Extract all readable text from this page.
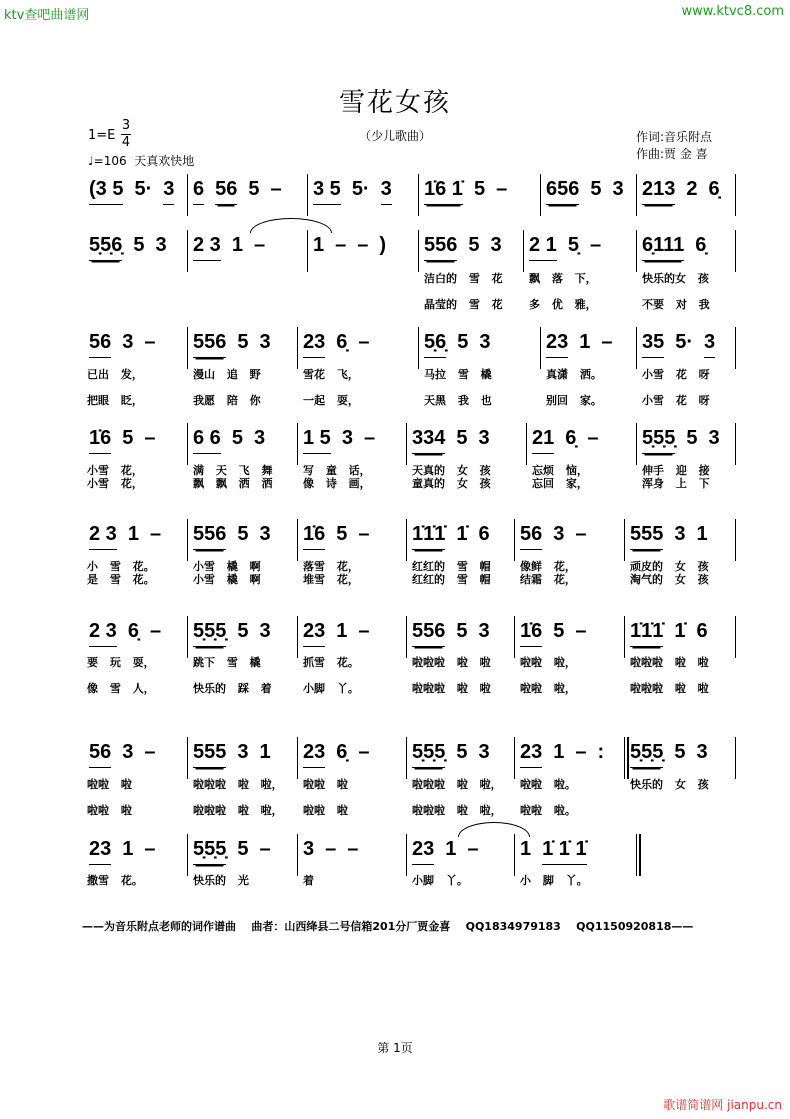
ktv查吧曲谱网	www.ktvc8.com
雪花女孩
（少儿歌曲）
1=E
3
4
♩=106 天真欢快地
作词:音乐附点
作曲:贾 金 喜
(3 5 5· 3 6 56 5 – 3 5 5· 3 1̇6 1̇ 5 – 656 5 3 213 2 6̣
5̣5̣6̣ 5 3 2 3 1 – 1 – – ) 556 5 3
洁白的 雪 花
晶莹的 雪 花
2 1 5̣ –
飘 落 下，
多 优 雅，
6̣111 6̣
快乐的女 孩
不要 对 我
56 3 –
已出 发，
把眼 眨，
556 5 3
漫山 追 野
我愿 陪 你
23 6̣ –
雪花 飞，
一起 耍，
5̣6̣ 5 3
马拉 雪 橇
天黑 我 也
23 1 –
真潇 洒。
别回 家。
35 5· 3
小雪 花 呀
小雪 花 呀
1̇6 5 –
小雪 花，
小雪 花，
6 6 5 3
满 天 飞 舞
飘 飘 洒 洒
1 5 3 –
写 童 话，
像 诗 画，
334 5 3
天真的 女 孩
童真的 女 孩
21 6̣ –
忘烦 恼，
忘回 家，
5̣5̣5̣ 5 3
伸手 迎 接
浑身 上 下
2 3 1 –
小 雪 花。
是 雪 花。
556 5 3
小雪 橇 啊
小雪 橇 啊
1̇6 5 –
落雪 花，
堆雪 花，
1̇1̇1̇ 1̇ 6
红红的 雪 帽
红红的 雪 帽
56 3 –
像鲜 花，
结霜 花，
555 3 1
顽皮的 女 孩
淘气的 女 孩
2 3 6̣ –
要 玩 耍，
像 雪 人，
5̣5̣5̣ 5 3
跳下 雪 橇
快乐的 踩 着
23 1 –
抓雪 花。
小脚 丫。
556 5 3
啦啦啦 啦 啦
啦啦啦 啦 啦
1̇6 5 –
啦啦 啦，
啦啦 啦，
1̇1̇1̇ 1̇ 6
啦啦啦 啦 啦
啦啦啦 啦 啦
56 3 –
啦啦 啦
啦啦 啦
555 3 1
啦啦啦 啦 啦，
啦啦啦 啦 啦，
23 6̣ –
啦啦 啦
啦啦 啦
5̣5̣5̣ 5 3
啦啦啦 啦 啦，
啦啦啦 啦 啦，
23 1 – :
啦啦 啦。
啦啦 啦。
5̣5̣5̣ 5 3
快乐的 女 孩
23 1 –
撒雪 花。
5̣5̣5̣ 5 –
快乐的 光
3 – –
着
23 1 –
小脚 丫。
1 1̇ 1̇ 1̇
小 脚 丫。
——为音乐附点老师的词作谱曲    曲者：山西绛县二号信箱201分厂贾金喜    QQ1834979183    QQ1150920818——
第 1页
歌谱简谱网 jianpu.cn
